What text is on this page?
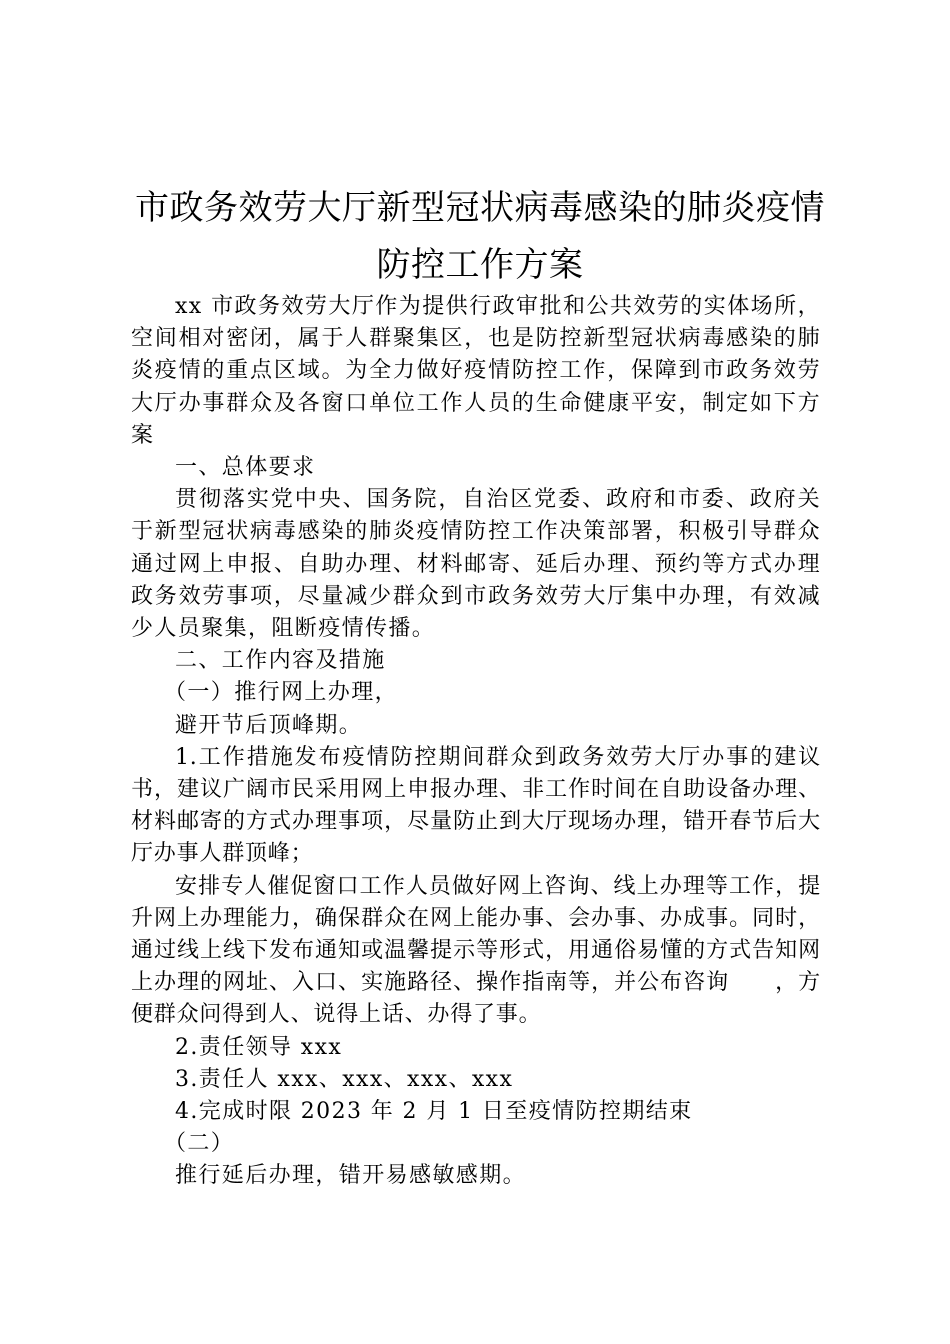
市政务效劳大厅新型冠状病毒感染的肺炎疫情
防控工作方案

xx 市政务效劳大厅作为提供行政审批和公共效劳的实体场所，空间相对密闭，属于人群聚集区，也是防控新型冠状病毒感染的肺炎疫情的重点区域。为全力做好疫情防控工作，保障到市政务效劳大厅办事群众及各窗口单位工作人员的生命健康平安，制定如下方案

一、总体要求

贯彻落实党中央、国务院，自治区党委、政府和市委、政府关于新型冠状病毒感染的肺炎疫情防控工作决策部署，积极引导群众通过网上申报、自助办理、材料邮寄、延后办理、预约等方式办理政务效劳事项，尽量减少群众到市政务效劳大厅集中办理，有效减少人员聚集，阻断疫情传播。

二、工作内容及措施

（一）推行网上办理，

避开节后顶峰期。

1.工作措施发布疫情防控期间群众到政务效劳大厅办事的建议书，建议广阔市民采用网上申报办理、非工作时间在自助设备办理、材料邮寄的方式办理事项，尽量防止到大厅现场办理，错开春节后大厅办事人群顶峰；

安排专人催促窗口工作人员做好网上咨询、线上办理等工作，提升网上办理能力，确保群众在网上能办事、会办事、办成事。同时，通过线上线下发布通知或温馨提示等形式，用通俗易懂的方式告知网上办理的网址、入口、实施路径、操作指南等，并公布咨询　　，方便群众问得到人、说得上话、办得了事。

2.责任领导 xxx

3.责任人 xxx、xxx、xxx、xxx

4.完成时限 2023 年 2 月 1 日至疫情防控期结束

（二）

推行延后办理，错开易感敏感期。
